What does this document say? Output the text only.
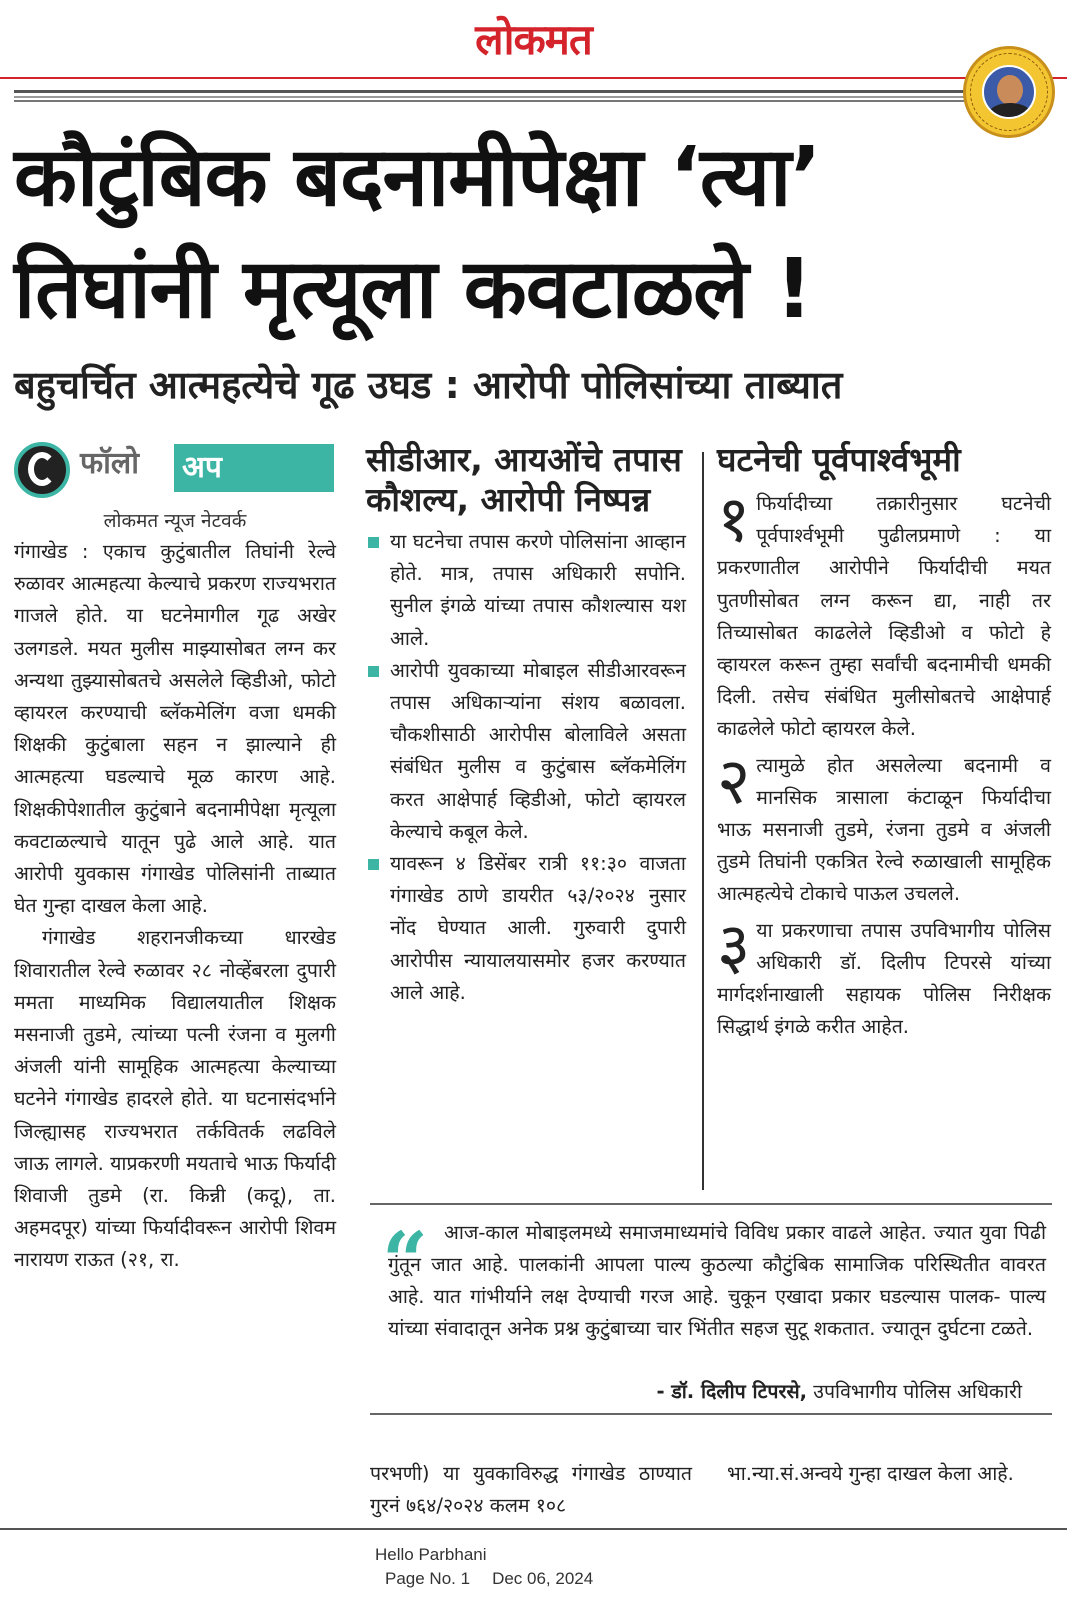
लोकमत
कौटुंबिक बदनामीपेक्षा ‘त्या’
तिघांनी मृत्यूला कवटाळले !
बहुचर्चित आत्महत्येचे गूढ उघड : आरोपी पोलिसांच्या ताब्यात
फॉलो अप
लोकमत न्यूज नेटवर्क

गंगाखेड : एकाच कुटुंबातील तिघांनी रेल्वे रुळावर आत्महत्या केल्याचे प्रकरण राज्यभरात गाजले होते. या घटनेमागील गूढ अखेर उलगडले. मयत मुलीस माझ्यासोबत लग्न कर अन्यथा तुझ्यासोबतचे असलेले व्हिडीओ, फोटो व्हायरल करण्याची ब्लॅकमेलिंग वजा धमकी शिक्षकी कुटुंबाला सहन न झाल्याने ही आत्महत्या घडल्याचे मूळ कारण आहे. शिक्षकीपेशातील कुटुंबाने बदनामीपेक्षा मृत्यूला कवटाळल्याचे यातून पुढे आले आहे. यात आरोपी युवकास गंगाखेड पोलिसांनी ताब्यात घेत गुन्हा दाखल केला आहे.

गंगाखेड शहरानजीकच्या धारखेड शिवारातील रेल्वे रुळावर २८ नोव्हेंबरला दुपारी ममता माध्यमिक विद्यालयातील शिक्षक मसनाजी तुडमे, त्यांच्या पत्नी रंजना व मुलगी अंजली यांनी सामूहिक आत्महत्या केल्याच्या घटनेने गंगाखेड हादरले होते. या घटनासंदर्भाने जिल्ह्यासह राज्यभरात तर्कवितर्क लढविले जाऊ लागले. याप्रकरणी मयताचे भाऊ फिर्यादी शिवाजी तुडमे (रा. किन्नी (कदू), ता. अहमदपूर) यांच्या फिर्यादीवरून आरोपी शिवम नारायण राऊत (२१, रा.

सीडीआर, आयओंचे तपास कौशल्य, आरोपी निष्पन्न

या घटनेचा तपास करणे पोलिसांना आव्हान होते. मात्र, तपास अधिकारी सपोनि. सुनील इंगळे यांच्या तपास कौशल्यास यश आले.

आरोपी युवकाच्या मोबाइल सीडीआरवरून तपास अधिकाऱ्यांना संशय बळावला. चौकशीसाठी आरोपीस बोलाविले असता संबंधित मुलीस व कुटुंबास ब्लॅकमेलिंग करत आक्षेपार्ह व्हिडीओ, फोटो व्हायरल केल्याचे कबूल केले.

यावरून ४ डिसेंबर रात्री ११:३० वाजता गंगाखेड ठाणे डायरीत ५३/२०२४ नुसार नोंद घेण्यात आली. गुरुवारी दुपारी आरोपीस न्यायालयासमोर हजर करण्यात आले आहे.

घटनेची पूर्वपार्श्वभूमी

१ फिर्यादीच्या तक्रारीनुसार घटनेची पूर्वपार्श्वभूमी पुढीलप्रमाणे : या प्रकरणातील आरोपीने फिर्यादीची मयत पुतणीसोबत लग्न करून द्या, नाही तर तिच्यासोबत काढलेले व्हिडीओ व फोटो हे व्हायरल करून तुम्हा सर्वांची बदनामीची धमकी दिली. तसेच संबंधित मुलीसोबतचे आक्षेपार्ह काढलेले फोटो व्हायरल केले.

२ त्यामुळे होत असलेल्या बदनामी व मानसिक त्रासाला कंटाळून फिर्यादीचा भाऊ मसनाजी तुडमे, रंजना तुडमे व अंजली तुडमे तिघांनी एकत्रित रेल्वे रुळाखाली सामूहिक आत्महत्येचे टोकाचे पाऊल उचलले.

३ या प्रकरणाचा तपास उपविभागीय पोलिस अधिकारी डॉ. दिलीप टिपरसे यांच्या मार्गदर्शनाखाली सहायक पोलिस निरीक्षक सिद्धार्थ इंगळे करीत आहेत.

“ आज-काल मोबाइलमध्ये समाजमाध्यमांचे विविध प्रकार वाढले आहेत. ज्यात युवा पिढी गुंतून जात आहे. पालकांनी आपला पाल्य कुठल्या कौटुंबिक सामाजिक परिस्थितीत वावरत आहे. यात गांभीर्याने लक्ष देण्याची गरज आहे. चुकून एखादा प्रकार घडल्यास पालक- पाल्य यांच्या संवादातून अनेक प्रश्न कुटुंबाच्या चार भिंतीत सहज सुटू शकतात. ज्यातून दुर्घटना टळते.

- डॉ. दिलीप टिपरसे, उपविभागीय पोलिस अधिकारी

परभणी) या युवकाविरुद्ध गंगाखेड ठाण्यात गुरनं ७६४/२०२४ कलम १०८

भा.न्या.सं.अन्वये गुन्हा दाखल केला आहे.

Hello Parbhani
Page No. 1 Dec 06, 2024
